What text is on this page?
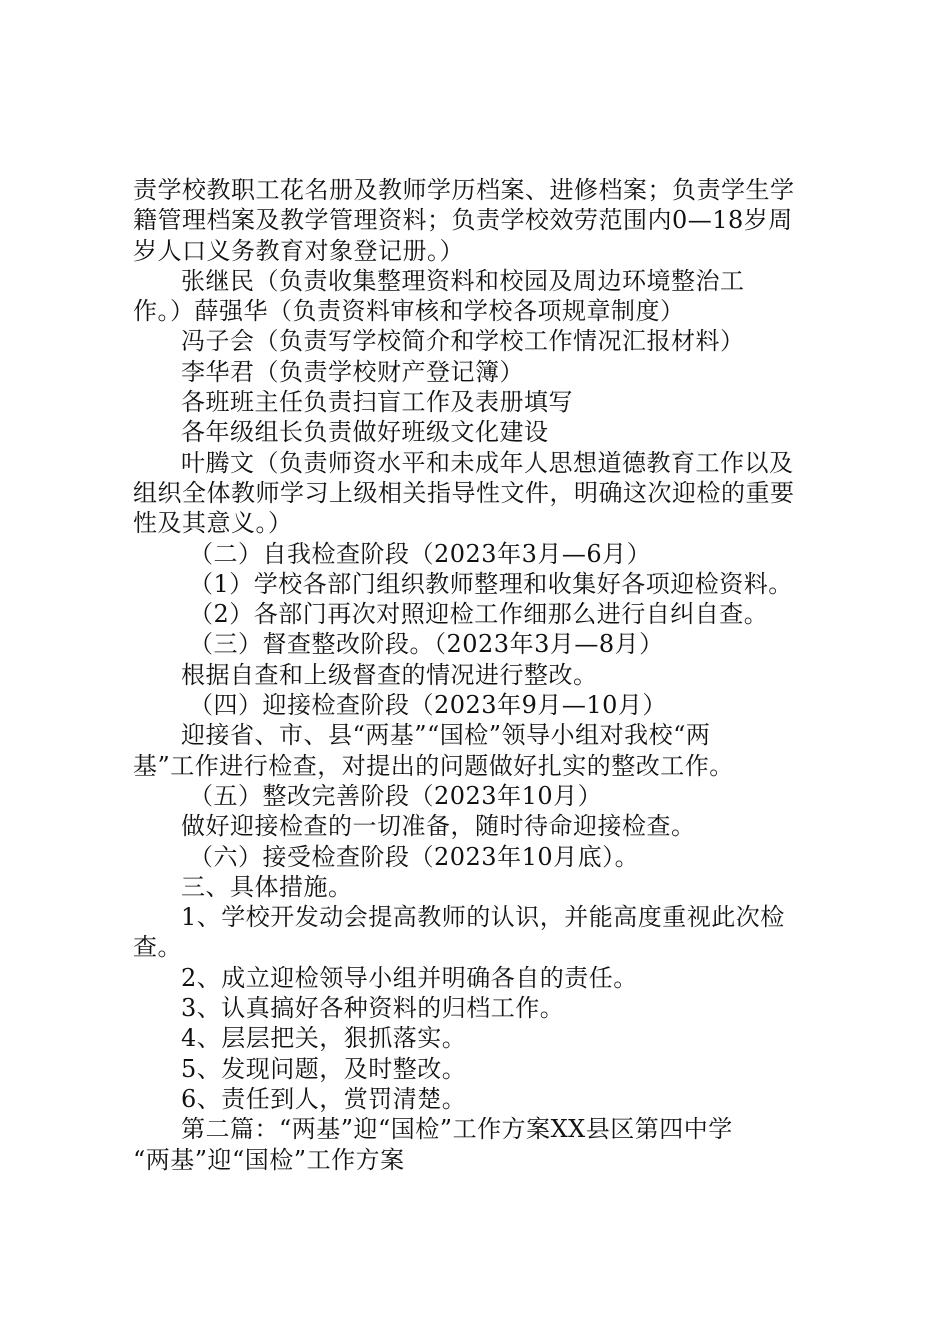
责学校教职工花名册及教师学历档案、进修档案；负责学生学
籍管理档案及教学管理资料；负责学校效劳范围内0—18岁周
岁人口义务教育对象登记册。）
张继民（负责收集整理资料和校园及周边环境整治工
作。）薛强华（负责资料审核和学校各项规章制度）
冯子会（负责写学校简介和学校工作情况汇报材料）
李华君（负责学校财产登记簿）
各班班主任负责扫盲工作及表册填写
各年级组长负责做好班级文化建设
叶腾文（负责师资水平和未成年人思想道德教育工作以及
组织全体教师学习上级相关指导性文件，明确这次迎检的重要
性及其意义。）
（二）自我检查阶段（2023年3月—6月）
（1）学校各部门组织教师整理和收集好各项迎检资料。
（2）各部门再次对照迎检工作细那么进行自纠自查。
（三）督查整改阶段。（2023年3月—8月）
根据自查和上级督查的情况进行整改。
（四）迎接检查阶段（2023年9月—10月）
迎接省、市、县“两基”“国检”领导小组对我校“两
基”工作进行检查，对提出的问题做好扎实的整改工作。
（五）整改完善阶段（2023年10月）
做好迎接检查的一切准备，随时待命迎接检查。
（六）接受检查阶段（2023年10月底）。
三、具体措施。
1、学校开发动会提高教师的认识，并能高度重视此次检
查。
2、成立迎检领导小组并明确各自的责任。
3、认真搞好各种资料的归档工作。
4、层层把关，狠抓落实。
5、发现问题，及时整改。
6、责任到人，赏罚清楚。
第二篇：“两基”迎“国检”工作方案XX县区第四中学
“两基”迎“国检”工作方案
